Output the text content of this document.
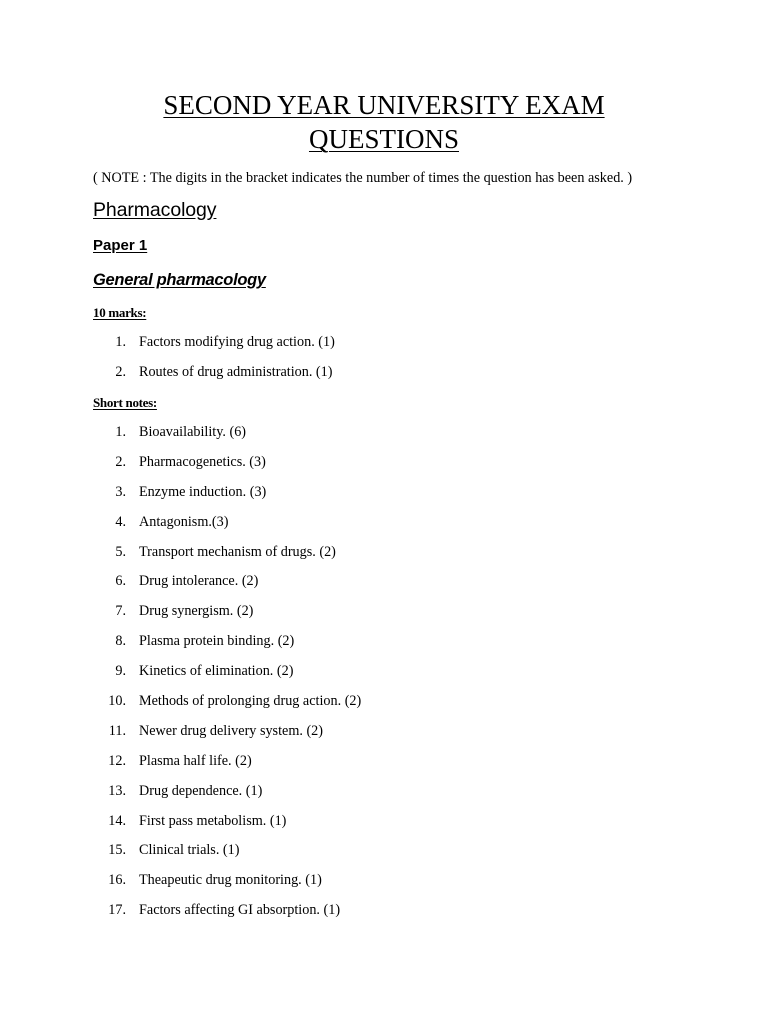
SECOND YEAR UNIVERSITY EXAM
QUESTIONS
( NOTE : The digits in the bracket indicates the number of times the question has been asked. )
Pharmacology
Paper 1
General pharmacology
10 marks:
1. Factors modifying drug action. (1)
2. Routes of drug administration. (1)
Short notes:
1. Bioavailability. (6)
2. Pharmacogenetics. (3)
3. Enzyme induction. (3)
4. Antagonism.(3)
5. Transport mechanism of drugs. (2)
6. Drug intolerance. (2)
7. Drug synergism. (2)
8. Plasma protein binding. (2)
9. Kinetics of elimination. (2)
10. Methods of prolonging drug action. (2)
11. Newer drug delivery system. (2)
12. Plasma half life. (2)
13. Drug dependence. (1)
14. First pass metabolism. (1)
15. Clinical trials. (1)
16. Theapeutic drug monitoring. (1)
17. Factors affecting GI absorption. (1)
